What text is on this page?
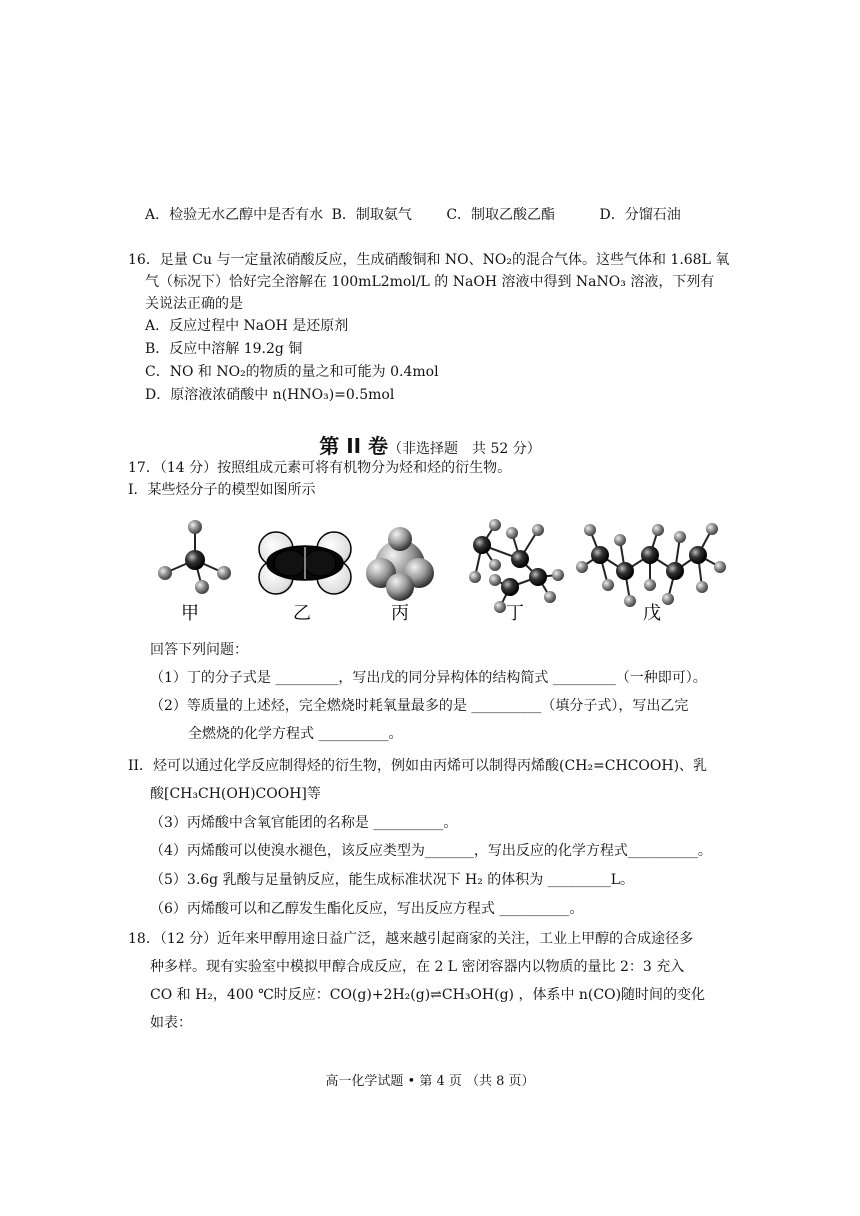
A．检验无水乙醇中是否有水 B．制取氨气 C．制取乙酸乙酯	D．分馏石油
16．足量 Cu 与一定量浓硝酸反应，生成硝酸铜和 NO、NO₂的混合气体。这些气体和 1.68L 氧
气（标况下）恰好完全溶解在 100mL2mol/L 的 NaOH 溶液中得到 NaNO₃ 溶液，下列有
关说法正确的是
A．反应过程中 NaOH 是还原剂
B．反应中溶解 19.2g 铜
C．NO 和 NO₂的物质的量之和可能为 0.4mol
D．原溶液浓硝酸中 n(HNO₃)=0.5mol
第 II 卷（非选择题　共 52 分）
17．（14 分）按照组成元素可将有机物分为烃和烃的衍生物。
I．某些烃分子的模型如图所示
甲	乙	丙	丁	戊
回答下列问题：
（1）丁的分子式是 _________，写出戊的同分异构体的结构简式 _________（一种即可）。
（2）等质量的上述烃，完全燃烧时耗氧量最多的是 __________（填分子式），写出乙完
全燃烧的化学方程式 __________。
II．烃可以通过化学反应制得烃的衍生物，例如由丙烯可以制得丙烯酸(CH₂=CHCOOH)、乳
酸[CH₃CH(OH)COOH]等
（3）丙烯酸中含氧官能团的名称是 __________。
（4）丙烯酸可以使溴水褪色，该反应类型为_______，写出反应的化学方程式__________。
（5）3.6g 乳酸与足量钠反应，能生成标准状况下 H₂ 的体积为 _________L。
（6）丙烯酸可以和乙醇发生酯化反应，写出反应方程式 __________。
18．（12 分）近年来甲醇用途日益广泛，越来越引起商家的关注，工业上甲醇的合成途径多
种多样。现有实验室中模拟甲醇合成反应，在 2 L 密闭容器内以物质的量比 2：3 充入
CO 和 H₂，400 ℃时反应：CO(g)+2H₂(g)⇌CH₃OH(g) ，体系中 n(CO)随时间的变化
如表：
高一化学试题 • 第 4 页 （共 8 页）
